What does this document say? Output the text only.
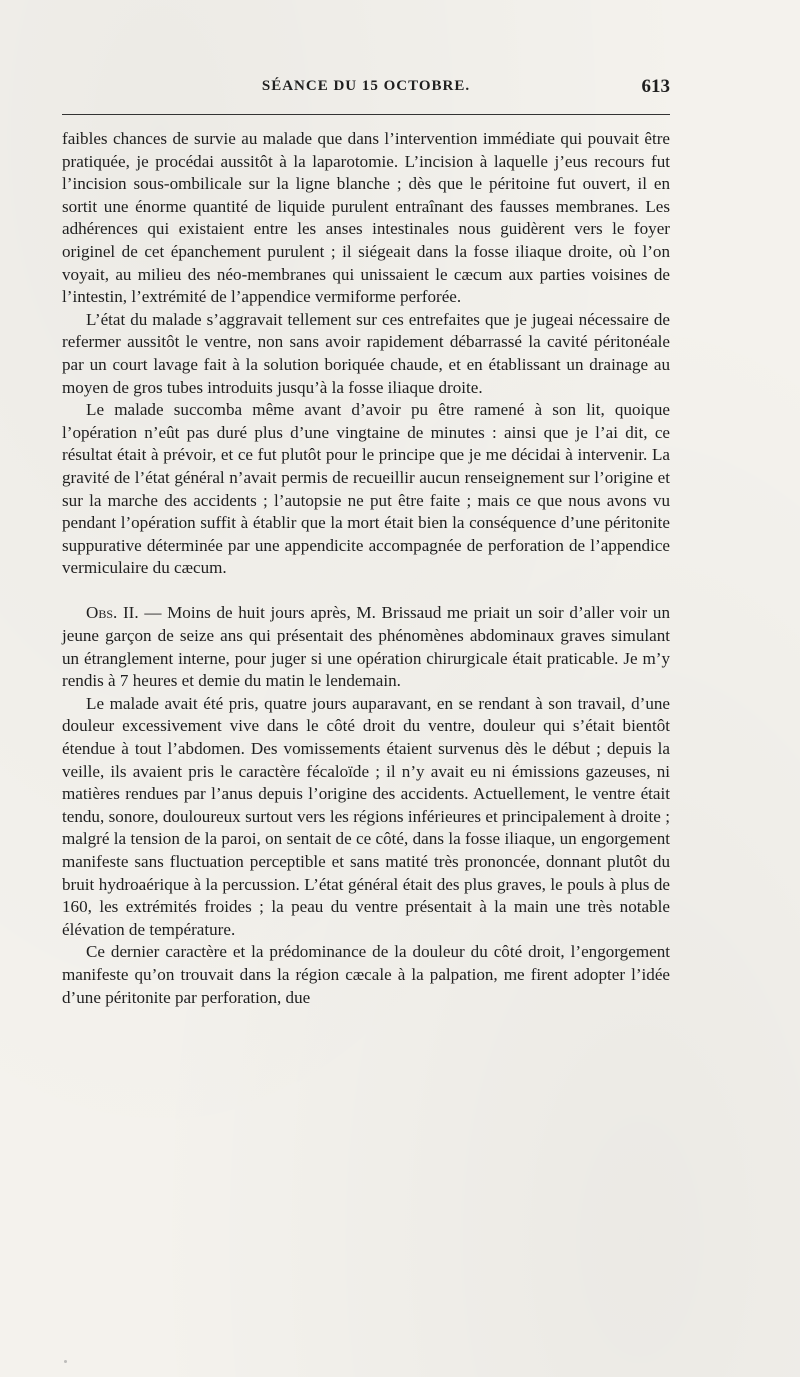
SÉANCE DU 15 OCTOBRE.	613

faibles chances de survie au malade que dans l’intervention immédiate qui pouvait être pratiquée, je procédai aussitôt à la laparotomie. L’incision à laquelle j’eus recours fut l’incision sous-ombilicale sur la ligne blanche ; dès que le péritoine fut ouvert, il en sortit une énorme quantité de liquide purulent entraînant des fausses membranes. Les adhérences qui existaient entre les anses intestinales nous guidèrent vers le foyer originel de cet épanchement purulent ; il siégeait dans la fosse iliaque droite, où l’on voyait, au milieu des néo-membranes qui unissaient le cæcum aux parties voisines de l’intestin, l’extrémité de l’appendice vermiforme perforée.

L’état du malade s’aggravait tellement sur ces entrefaites que je jugeai nécessaire de refermer aussitôt le ventre, non sans avoir rapidement débarrassé la cavité péritonéale par un court lavage fait à la solution boriquée chaude, et en établissant un drainage au moyen de gros tubes introduits jusqu’à la fosse iliaque droite.

Le malade succomba même avant d’avoir pu être ramené à son lit, quoique l’opération n’eût pas duré plus d’une vingtaine de minutes : ainsi que je l’ai dit, ce résultat était à prévoir, et ce fut plutôt pour le principe que je me décidai à intervenir. La gravité de l’état général n’avait permis de recueillir aucun renseignement sur l’origine et sur la marche des accidents ; l’autopsie ne put être faite ; mais ce que nous avons vu pendant l’opération suffit à établir que la mort était bien la conséquence d’une péritonite suppurative déterminée par une appendicite accompagnée de perforation de l’appendice vermiculaire du cæcum.

Obs. II. — Moins de huit jours après, M. Brissaud me priait un soir d’aller voir un jeune garçon de seize ans qui présentait des phénomènes abdominaux graves simulant un étranglement interne, pour juger si une opération chirurgicale était praticable. Je m’y rendis à 7 heures et demie du matin le lendemain.

Le malade avait été pris, quatre jours auparavant, en se rendant à son travail, d’une douleur excessivement vive dans le côté droit du ventre, douleur qui s’était bientôt étendue à tout l’abdomen. Des vomissements étaient survenus dès le début ; depuis la veille, ils avaient pris le caractère fécaloïde ; il n’y avait eu ni émissions gazeuses, ni matières rendues par l’anus depuis l’origine des accidents. Actuellement, le ventre était tendu, sonore, douloureux surtout vers les régions inférieures et principalement à droite ; malgré la tension de la paroi, on sentait de ce côté, dans la fosse iliaque, un engorgement manifeste sans fluctuation perceptible et sans matité très prononcée, donnant plutôt du bruit hydroaérique à la percussion. L’état général était des plus graves, le pouls à plus de 160, les extrémités froides ; la peau du ventre présentait à la main une très notable élévation de température.

Ce dernier caractère et la prédominance de la douleur du côté droit, l’engorgement manifeste qu’on trouvait dans la région cæcale à la palpation, me firent adopter l’idée d’une péritonite par perforation, due
